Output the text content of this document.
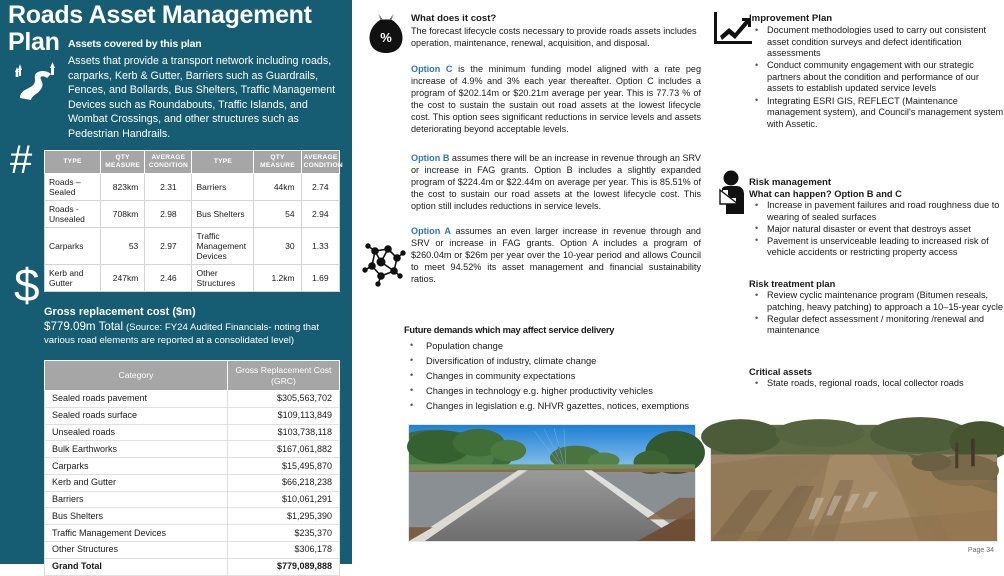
Roads Asset Management Plan Assets covered by this plan
Assets that provide a transport network including roads, carparks, Kerb & Gutter, Barriers such as Guardrails, Fences, and Bollards, Bus Shelters, Traffic Management Devices such as Roundabouts, Traffic Islands, and Wombat Crossings, and other structures such as Pedestrian Handrails.
#
$
TYPE	QTY MEASURE	AVERAGE CONDITION	TYPE	QTY MEASURE	AVERAGE CONDITION
Roads – Sealed	823km	2.31	Barriers	44km	2.74
Roads - Unsealed	708km	2.98	Bus Shelters	54	2.94
Carparks	53	2.97	Traffic Management Devices	30	1.33
Kerb and Gutter	247km	2.46	Other Structures	1.2km	1.69
Gross replacement cost ($m)
$779.09m Total (Source: FY24 Audited Financials- noting that various road elements are reported at a consolidated level)
Category	Gross Replacement Cost (GRC)
Sealed roads pavement	$305,563,702
Sealed roads surface	$109,113,849
Unsealed roads	$103,738,118
Bulk Earthworks	$167,061,882
Carparks	$15,495,870
Kerb and Gutter	$66,218,238
Barriers	$10,061,291
Bus Shelters	$1,295,390
Traffic Management Devices	$235,370
Other Structures	$306,178
Grand Total	$779,089,888
%
What does it cost?
The forecast lifecycle costs necessary to provide roads assets includes operation, maintenance, renewal, acquisition, and disposal.
Option C is the minimum funding model aligned with a rate peg increase of 4.9% and 3% each year thereafter. Option C includes a program of $202.14m or $20.21m average per year. This is 77.73 % of the cost to sustain the sustain out road assets at the lowest lifecycle cost. This option sees significant reductions in service levels and assets deteriorating beyond acceptable levels.
Option B assumes there will be an increase in revenue through an SRV or increase in FAG grants. Option B includes a slightly expanded program of $224.4m or $22.44m on average per year. This is 85.51% of the cost to sustain our road assets at the lowest lifecycle cost. This option still includes reductions in service levels.
Option A assumes an even larger increase in revenue through and SRV or increase in FAG grants. Option A includes a program of $260.04m or $26m per year over the 10-year period and allows Council to meet 94.52% its asset management and financial sustainability ratios.
Future demands which may affect service delivery
• Population change
• Diversification of industry, climate change
• Changes in community expectations
• Changes in technology e.g. higher productivity vehicles
• Changes in legislation e.g. NHVR gazettes, notices, exemptions
Improvement Plan
• Document methodologies used to carry out consistent asset condition surveys and defect identification assessments
• Conduct community engagement with our strategic partners about the condition and performance of our assets to establish updated service levels
• Integrating ESRI GIS, REFLECT (Maintenance management system), and Council's management system with Assetic.
Risk management
What can happen? Option B and C
• Increase in pavement failures and road roughness due to wearing of sealed surfaces
• Major natural disaster or event that destroys asset
• Pavement is unserviceable leading to increased risk of vehicle accidents or restricting property access
Risk treatment plan
• Review cyclic maintenance program (Bitumen reseals, patching, heavy patching) to approach a 10–15-year cycle
• Regular defect assessment / monitoring /renewal and maintenance
Critical assets
• State roads, regional roads, local collector roads
Page 34
